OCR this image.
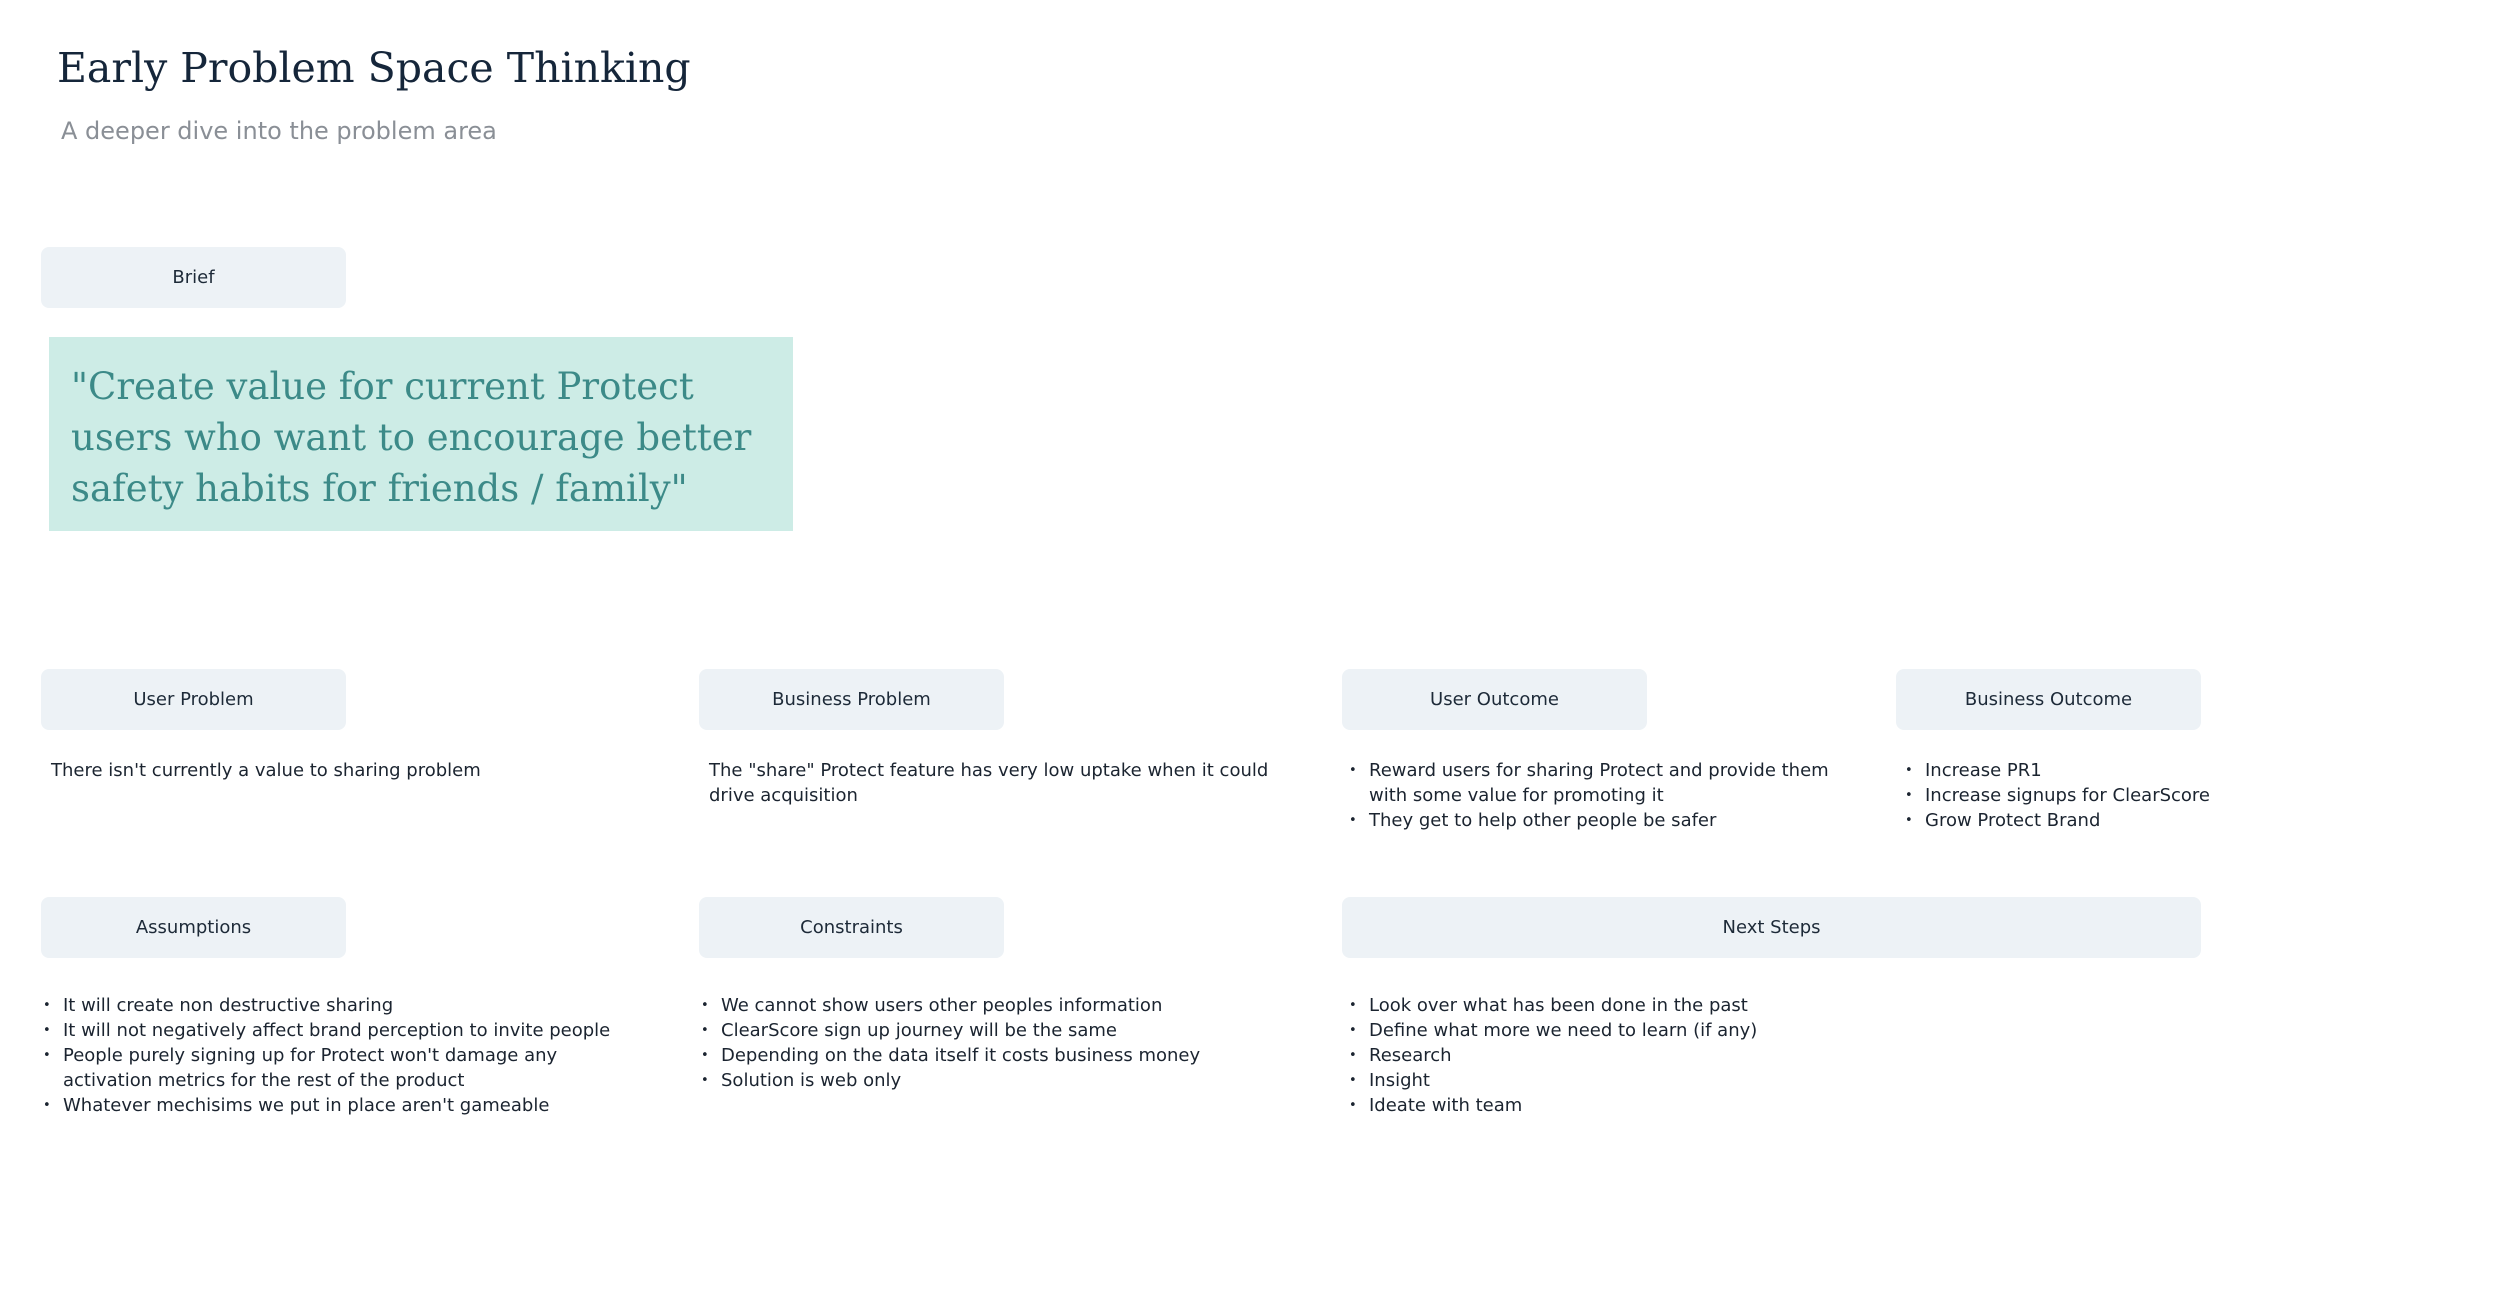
Early Problem Space Thinking
A deeper dive into the problem area
Brief

"Create value for current Protect users who want to encourage better safety habits for friends / family"

User Problem	Business Problem	User Outcome	Business Outcome

There isn't currently a value to sharing problem	The "share" Protect feature has very low uptake when it could drive acquisition

• Reward users for sharing Protect and provide them with some value for promoting it
• They get to help other people be safer
• Increase PR1
• Increase signups for ClearScore
• Grow Protect Brand
Assumptions	Constraints	Next Steps
• It will create non destructive sharing
• It will not negatively affect brand perception to invite people
• People purely signing up for Protect won't damage any activation metrics for the rest of the product
• Whatever mechisims we put in place aren't gameable
• We cannot show users other peoples information
• ClearScore sign up journey will be the same
• Depending on the data itself it costs business money
• Solution is web only
• Look over what has been done in the past
• Define what more we need to learn (if any)
• Research
• Insight
• Ideate with team
